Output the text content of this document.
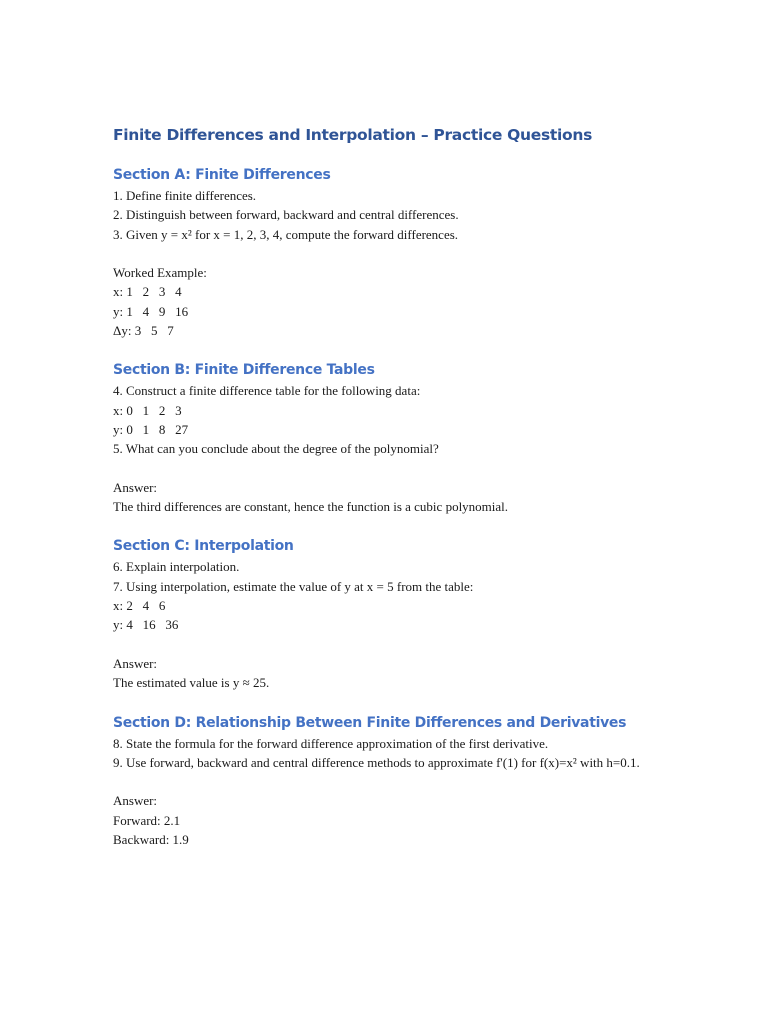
Finite Differences and Interpolation – Practice Questions
Section A: Finite Differences

1. Define finite differences.

2. Distinguish between forward, backward and central differences.

3. Given y = x² for x = 1, 2, 3, 4, compute the forward differences.

Worked Example:

x: 1   2   3   4

y: 1   4   9   16

Δy: 3   5   7

Section B: Finite Difference Tables

4. Construct a finite difference table for the following data:

x: 0   1   2   3

y: 0   1   8   27

5. What can you conclude about the degree of the polynomial?

Answer:

The third differences are constant, hence the function is a cubic polynomial.

Section C: Interpolation

6. Explain interpolation.

7. Using interpolation, estimate the value of y at x = 5 from the table:

x: 2   4   6

y: 4   16   36

Answer:

The estimated value is y ≈ 25.

Section D: Relationship Between Finite Differences and Derivatives

8. State the formula for the forward difference approximation of the first derivative.

9. Use forward, backward and central difference methods to approximate f'(1) for f(x)=x² with h=0.1.

Answer:

Forward: 2.1

Backward: 1.9
